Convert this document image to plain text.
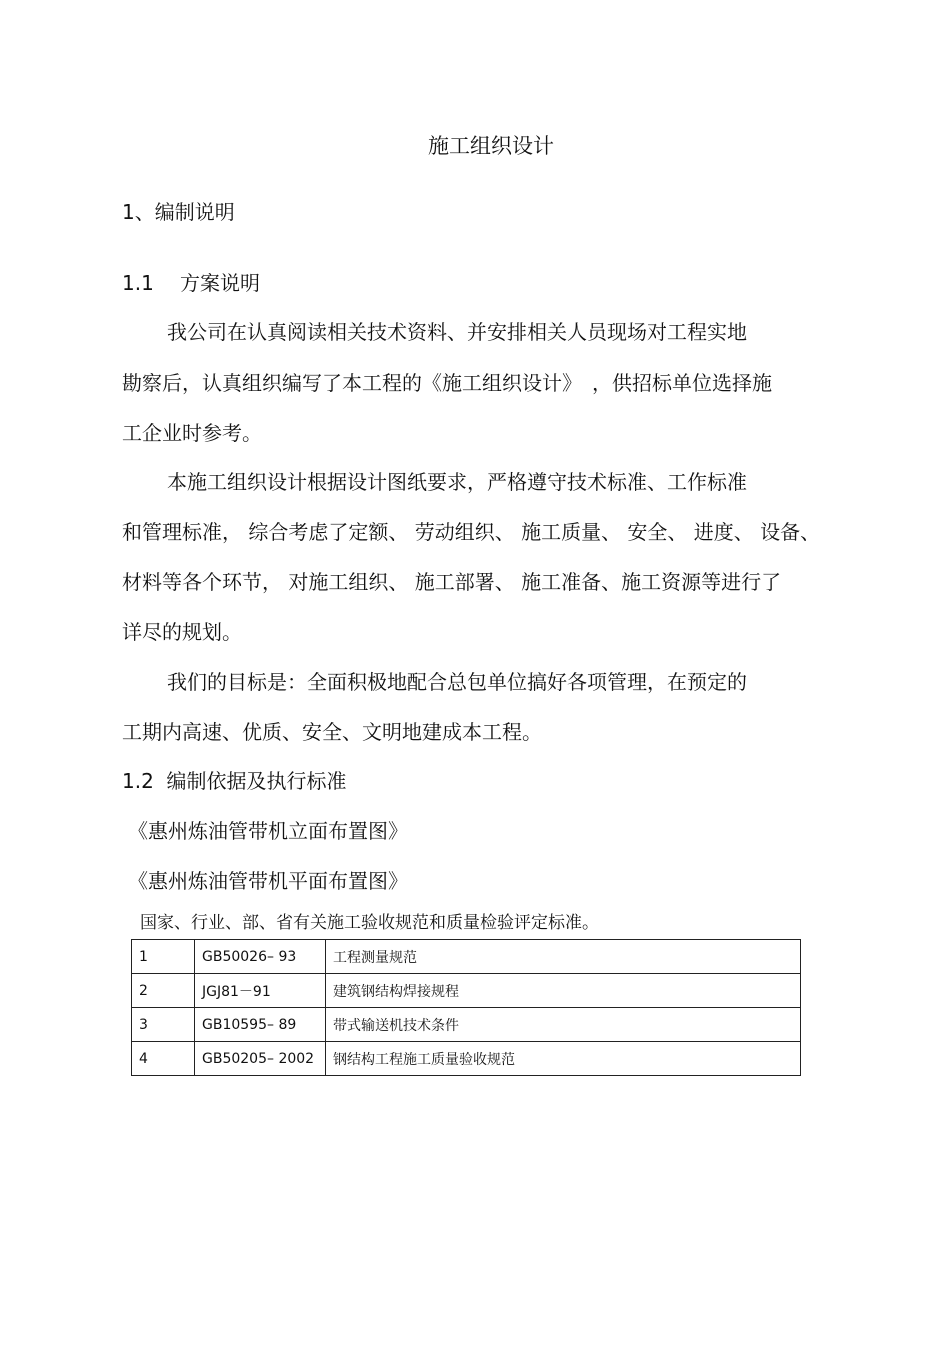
施工组织设计
1、编制说明
1.1 方案说明
我公司在认真阅读相关技术资料、并安排相关人员现场对工程实地
勘察后，认真组织编写了本工程的《施工组织设计》　，供招标单位选择施
工企业时参考。
本施工组织设计根据设计图纸要求，严格遵守技术标准、工作标准
和管理标准， 综合考虑了定额、 劳动组织、 施工质量、 安全、 进度、 设备、
材料等各个环节， 对施工组织、 施工部署、 施工准备、施工资源等进行了
详尽的规划。
我们的目标是：全面积极地配合总包单位搞好各项管理，在预定的
工期内高速、优质、安全、文明地建成本工程。
1.2 编制依据及执行标准
《惠州炼油管带机立面布置图》
《惠州炼油管带机平面布置图》
国家、行业、部、省有关施工验收规范和质量检验评定标准。
1	GB50026– 93	工程测量规范
2	JGJ81－91	建筑钢结构焊接规程
3	GB10595– 89	带式输送机技术条件
4	GB50205– 2002	钢结构工程施工质量验收规范
